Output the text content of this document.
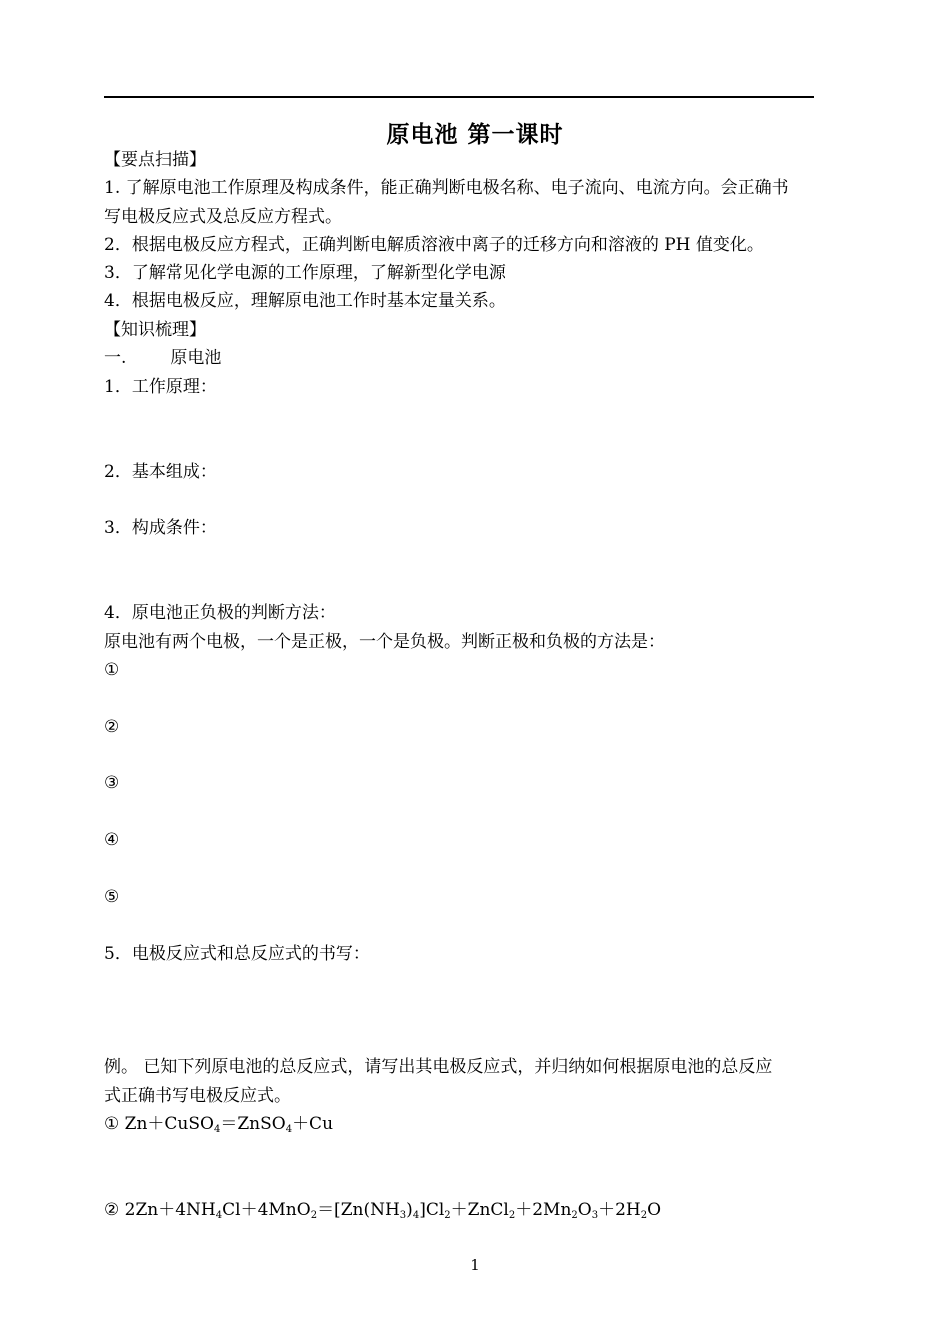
原电池 第一课时
【要点扫描】
1. 了解原电池工作原理及构成条件，能正确判断电极名称、电子流向、电流方向。会正确书
写电极反应式及总反应方程式。
2．根据电极反应方程式，正确判断电解质溶液中离子的迁移方向和溶液的 PH 值变化。
3．了解常见化学电源的工作原理，了解新型化学电源
4．根据电极反应，理解原电池工作时基本定量关系。
【知识梳理】
一.	原电池
1．工作原理：
2．基本组成：
3．构成条件：
4．原电池正负极的判断方法：
原电池有两个电极，一个是正极，一个是负极。判断正极和负极的方法是：
①
②
③
④
⑤
5．电极反应式和总反应式的书写：
例。 已知下列原电池的总反应式，请写出其电极反应式，并归纳如何根据原电池的总反应
式正确书写电极反应式。
① Zn＋CuSO$_4$＝ZnSO$_4$＋Cu
② $2Zn+4NH_4Cl+4MnO_2=[Zn(NH_3)_4]Cl_2+ZnCl_2+2Mn_2O_3+2H_2O$
1
